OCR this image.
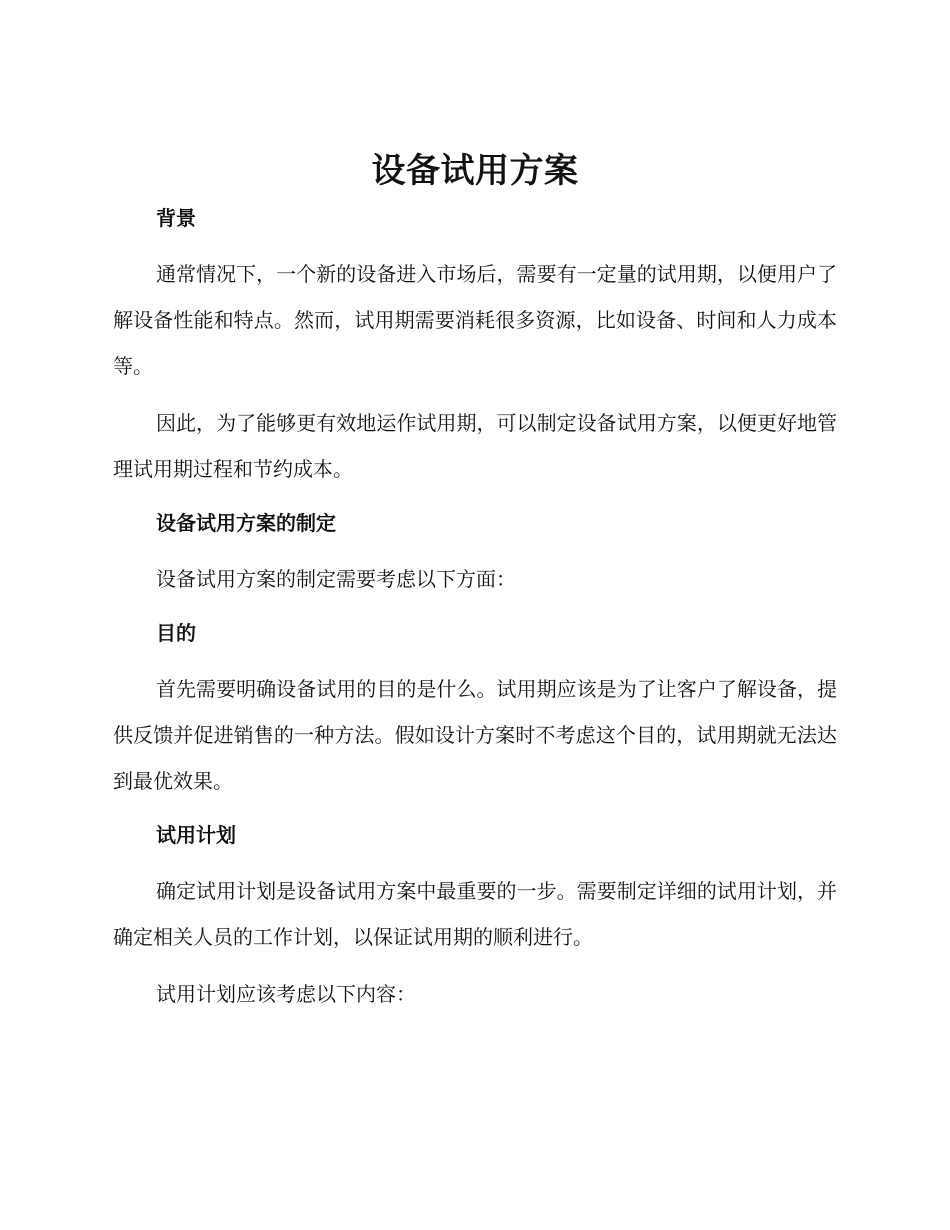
设备试用方案
背景

通常情况下，一个新的设备进入市场后，需要有一定量的试用期，以便用户了解设备性能和特点。然而，试用期需要消耗很多资源，比如设备、时间和人力成本等。

因此，为了能够更有效地运作试用期，可以制定设备试用方案，以便更好地管理试用期过程和节约成本。

设备试用方案的制定

设备试用方案的制定需要考虑以下方面：

目的

首先需要明确设备试用的目的是什么。试用期应该是为了让客户了解设备，提供反馈并促进销售的一种方法。假如设计方案时不考虑这个目的，试用期就无法达到最优效果。

试用计划

确定试用计划是设备试用方案中最重要的一步。需要制定详细的试用计划，并确定相关人员的工作计划，以保证试用期的顺利进行。

试用计划应该考虑以下内容：
